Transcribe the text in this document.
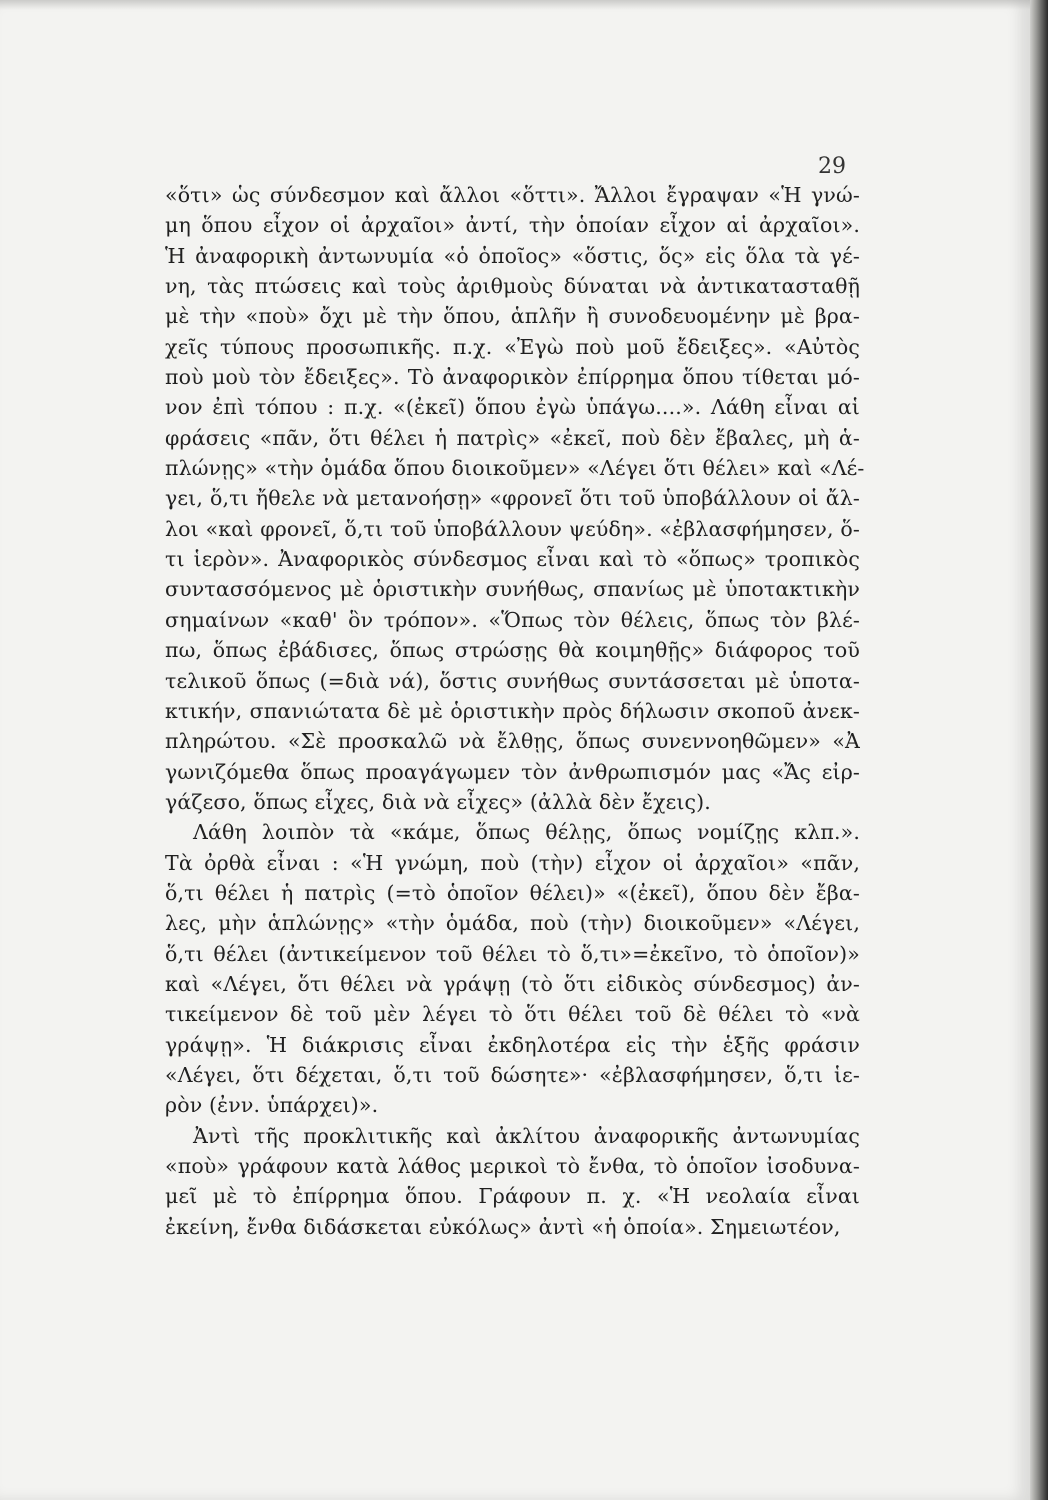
29
«ὅτι» ὡς σύνδεσμον καὶ ἄλλοι «ὅττι». Ἄλλοι ἔγραψαν «Ἡ γνώ-
μη ὅπου εἶχον οἱ ἀρχαῖοι» ἀντί, τὴν ὁποίαν εἶχον αἱ ἀρχαῖοι».
Ἡ ἀναφορικὴ ἀντωνυμία «ὁ ὁποῖος» «ὅστις, ὅς» εἰς ὅλα τὰ γέ-
νη, τὰς πτώσεις καὶ τοὺς ἀριθμοὺς δύναται νὰ ἀντικατασταθῇ
μὲ τὴν «ποὺ» ὄχι μὲ τὴν ὅπου, ἁπλῆν ἢ συνοδευομένην μὲ βρα-
χεῖς τύπους προσωπικῆς. π.χ. «Ἐγὼ ποὺ μοῦ ἔδειξες». «Αὐτὸς
ποὺ μοὺ τὸν ἔδειξες». Τὸ ἀναφορικὸν ἐπίρρημα ὅπου τίθεται μό-
νον ἐπὶ τόπου : π.χ. «(ἐκεῖ) ὅπου ἐγὼ ὑπάγω....». Λάθη εἶναι αἱ
φράσεις «πᾶν, ὅτι θέλει ἡ πατρὶς» «ἐκεῖ, ποὺ δὲν ἔβαλες, μὴ ἁ-
πλώνῃς» «τὴν ὁμάδα ὅπου διοικοῦμεν» «Λέγει ὅτι θέλει» καὶ «Λέ-
γει, ὅ,τι ἤθελε νὰ μετανοήσῃ» «φρονεῖ ὅτι τοῦ ὑποβάλλουν οἱ ἄλ-
λοι «καὶ φρονεῖ, ὅ,τι τοῦ ὑποβάλλουν ψεύδη». «ἐβλασφήμησεν, ὅ-
τι ἱερὸν». Ἀναφορικὸς σύνδεσμος εἶναι καὶ τὸ «ὅπως» τροπικὸς
συντασσόμενος μὲ ὁριστικὴν συνήθως, σπανίως μὲ ὑποτακτικὴν
σημαίνων «καθ' ὃν τρόπον». «Ὅπως τὸν θέλεις, ὅπως τὸν βλέ-
πω, ὅπως ἐβάδισες, ὅπως στρώσῃς θὰ κοιμηθῇς» διάφορος τοῦ
τελικοῦ ὅπως (=διὰ νά), ὅστις συνήθως συντάσσεται μὲ ὑποτα-
κτικήν, σπανιώτατα δὲ μὲ ὁριστικὴν πρὸς δήλωσιν σκοποῦ ἀνεκ-
πληρώτου. «Σὲ προσκαλῶ νὰ ἔλθῃς, ὅπως συνεννοηθῶμεν» «Ἀ
γωνιζόμεθα ὅπως προαγάγωμεν τὸν ἀνθρωπισμόν μας «Ἄς εἰρ-
γάζεσο, ὅπως εἶχες, διὰ νὰ εἶχες» (ἀλλὰ δὲν ἔχεις).
Λάθη λοιπὸν τὰ «κάμε, ὅπως θέλῃς, ὅπως νομίζῃς κλπ.».
Τὰ ὀρθὰ εἶναι : «Ἡ γνώμη, ποὺ (τὴν) εἶχον οἱ ἀρχαῖοι» «πᾶν,
ὅ,τι θέλει ἡ πατρὶς (=τὸ ὁποῖον θέλει)» «(ἐκεῖ), ὅπου δὲν ἔβα-
λες, μὴν ἁπλώνῃς» «τὴν ὁμάδα, ποὺ (τὴν) διοικοῦμεν» «Λέγει,
ὅ,τι θέλει (ἀντικείμενον τοῦ θέλει τὸ ὅ,τι»=ἐκεῖνο, τὸ ὁποῖον)»
καὶ «Λέγει, ὅτι θέλει νὰ γράψῃ (τὸ ὅτι εἰδικὸς σύνδεσμος) ἀν-
τικείμενον δὲ τοῦ μὲν λέγει τὸ ὅτι θέλει τοῦ δὲ θέλει τὸ «νὰ
γράψῃ». Ἡ διάκρισις εἶναι ἐκδηλοτέρα εἰς τὴν ἑξῆς φράσιν
«Λέγει, ὅτι δέχεται, ὅ,τι τοῦ δώσητε»· «ἐβλασφήμησεν, ὅ,τι ἱε-
ρὸν (ἐνν. ὑπάρχει)».
Ἀντὶ τῆς προκλιτικῆς καὶ ἀκλίτου ἀναφορικῆς ἀντωνυμίας
«ποὺ» γράφουν κατὰ λάθος μερικοὶ τὸ ἔνθα, τὸ ὁποῖον ἰσοδυνα-
μεῖ μὲ τὸ ἐπίρρημα ὅπου. Γράφουν π. χ. «Ἡ νεολαία εἶναι
ἐκείνη, ἔνθα διδάσκεται εὐκόλως» ἀντὶ «ἡ ὁποία». Σημειωτέον,
